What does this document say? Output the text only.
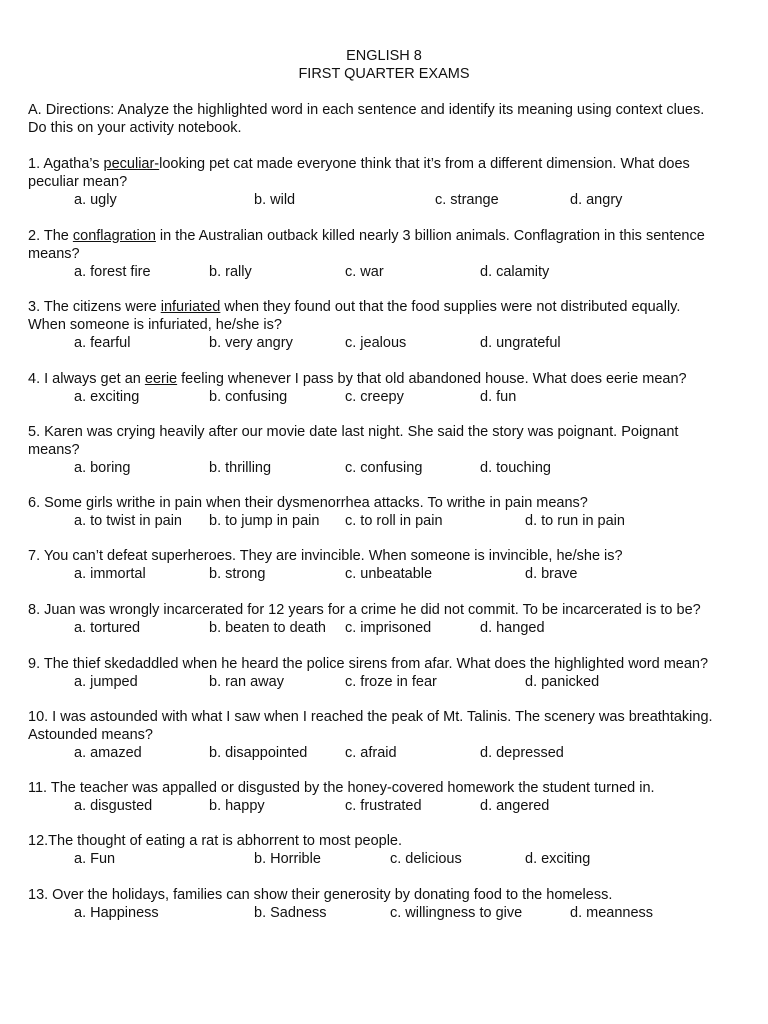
ENGLISH 8
FIRST QUARTER EXAMS
A. Directions: Analyze the highlighted word in each sentence and identify its meaning using context clues.
Do this on your activity notebook.
1. Agatha’s peculiar-looking pet cat made everyone think that it’s from a different dimension. What does
peculiar mean?
a. ugly	b. wild	c. strange	d. angry
2. The conflagration in the Australian outback killed nearly 3 billion animals. Conflagration in this sentence
means?
a. forest fire	b. rally	c. war	d. calamity
3. The citizens were infuriated when they found out that the food supplies were not distributed equally.
When someone is infuriated, he/she is?
a. fearful	b. very angry	c. jealous	d. ungrateful
4. I always get an eerie feeling whenever I pass by that old abandoned house. What does eerie mean?
a. exciting	b. confusing	c. creepy	d. fun
5. Karen was crying heavily after our movie date last night. She said the story was poignant. Poignant
means?
a. boring	b. thrilling	c. confusing	d. touching
6. Some girls writhe in pain when their dysmenorrhea attacks. To writhe in pain means?
a. to twist in pain b. to jump in pain c. to roll in pain	d. to run in pain
7. You can’t defeat superheroes. They are invincible. When someone is invincible, he/she is?
a. immortal	b. strong	c. unbeatable	d. brave
8. Juan was wrongly incarcerated for 12 years for a crime he did not commit. To be incarcerated is to be?
a. tortured	b. beaten to death c. imprisoned	d. hanged
9. The thief skedaddled when he heard the police sirens from afar. What does the highlighted word mean?
a. jumped	b. ran away	c. froze in fear	d. panicked
10. I was astounded with what I saw when I reached the peak of Mt. Talinis. The scenery was breathtaking.
Astounded means?
a. amazed	b. disappointed	c. afraid	d. depressed
11. The teacher was appalled or disgusted by the honey-covered homework the student turned in.
a. disgusted	b. happy	c. frustrated	d. angered
12.The thought of eating a rat is abhorrent to most people.
a. Fun	b. Horrible	c. delicious	d. exciting
13. Over the holidays, families can show their generosity by donating food to the homeless.
a. Happiness	b. Sadness	c. willingness to give	d. meanness
